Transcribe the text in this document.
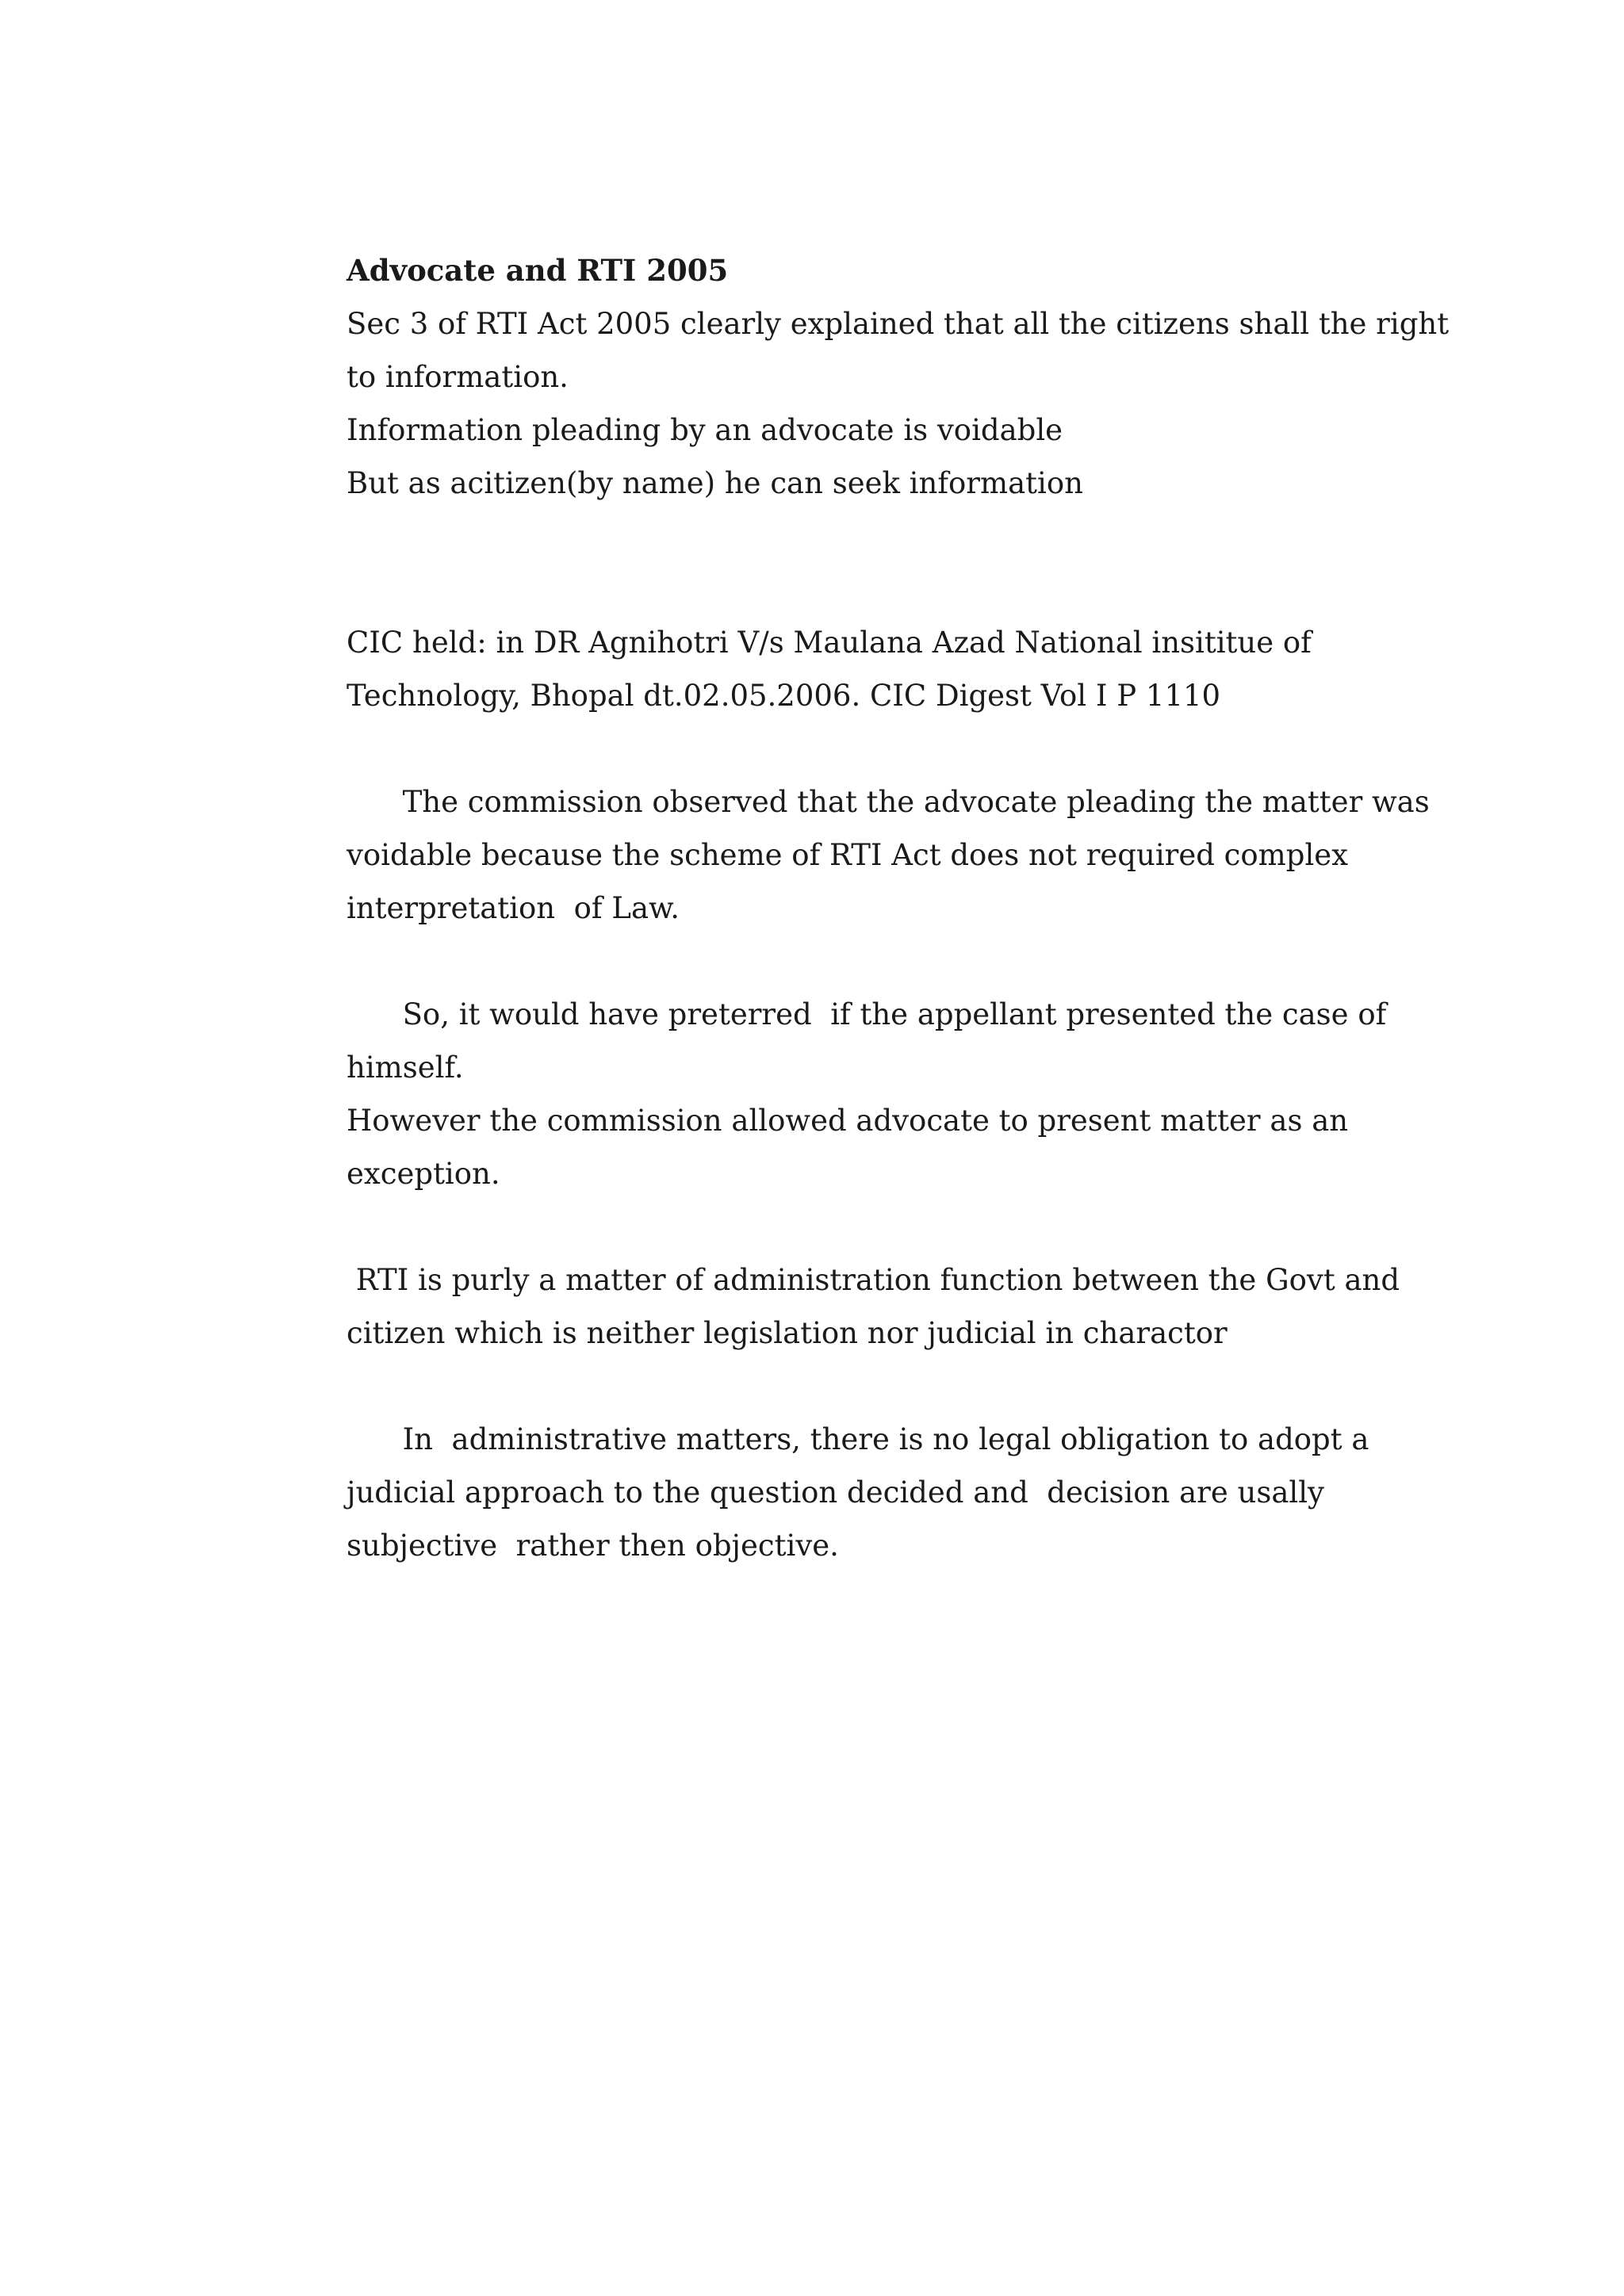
Advocate and RTI 2005

Sec 3 of RTI Act 2005 clearly explained that all the citizens shall the right

to information.

Information pleading by an advocate is voidable

But as acitizen(by name) he can seek information

CIC held: in DR Agnihotri V/s Maulana Azad National insititue of

Technology, Bhopal dt.02.05.2006. CIC Digest Vol I P 1110

The commission observed that the advocate pleading the matter was

voidable because the scheme of RTI Act does not required complex

interpretation  of Law.

So, it would have preterred  if the appellant presented the case of

himself.

However the commission allowed advocate to present matter as an

exception.

RTI is purly a matter of administration function between the Govt and

citizen which is neither legislation nor judicial in charactor

In  administrative matters, there is no legal obligation to adopt a

judicial approach to the question decided and  decision are usally

subjective  rather then objective.
